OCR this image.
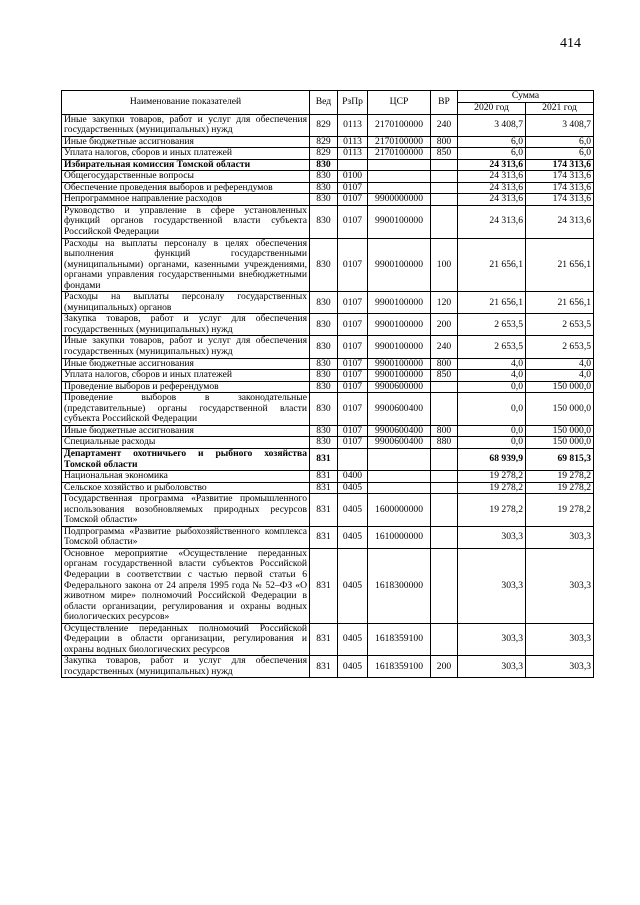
414
Наименование показателей	Вед	РзПр	ЦСР	ВР	Сумма	
					2020 год	2021 год
Иные закупки товаров, работ и услуг для обеспечения государственных (муниципальных) нужд	829	0113	2170100000	240	3 408,7	3 408,7
Иные бюджетные ассигнования	829	0113	2170100000	800	6,0	6,0
Уплата налогов, сборов и иных платежей	829	0113	2170100000	850	6,0	6,0
Избирательная комиссия Томской области	830				24 313,6	174 313,6
Общегосударственные вопросы	830	0100			24 313,6	174 313,6
Обеспечение проведения выборов и референдумов	830	0107			24 313,6	174 313,6
Непрограммное направление расходов	830	0107	9900000000		24 313,6	174 313,6
Руководство и управление в сфере установленных функций органов государственной власти субъекта Российской Федерации	830	0107	9900100000		24 313,6	24 313,6
Расходы на выплаты персоналу в целях обеспечения выполнения функций государственными (муниципальными) органами, казенными учреждениями, органами управления государственными внебюджетными фондами	830	0107	9900100000	100	21 656,1	21 656,1
Расходы на выплаты персоналу государственных (муниципальных) органов	830	0107	9900100000	120	21 656,1	21 656,1
Закупка товаров, работ и услуг для обеспечения государственных (муниципальных) нужд	830	0107	9900100000	200	2 653,5	2 653,5
Иные закупки товаров, работ и услуг для обеспечения государственных (муниципальных) нужд	830	0107	9900100000	240	2 653,5	2 653,5
Иные бюджетные ассигнования	830	0107	9900100000	800	4,0	4,0
Уплата налогов, сборов и иных платежей	830	0107	9900100000	850	4,0	4,0
Проведение выборов и референдумов	830	0107	9900600000		0,0	150 000,0
Проведение выборов в законодательные (представительные) органы государственной власти субъекта Российской Федерации	830	0107	9900600400		0,0	150 000,0
Иные бюджетные ассигнования	830	0107	9900600400	800	0,0	150 000,0
Специальные расходы	830	0107	9900600400	880	0,0	150 000,0
Департамент охотничьего и рыбного хозяйства Томской области	831				68 939,9	69 815,3
Национальная экономика	831	0400			19 278,2	19 278,2
Сельское хозяйство и рыболовство	831	0405			19 278,2	19 278,2
Государственная программа «Развитие промышленного использования возобновляемых природных ресурсов Томской области»	831	0405	1600000000		19 278,2	19 278,2
Подпрограмма «Развитие рыбохозяйственного комплекса Томской области»	831	0405	1610000000		303,3	303,3
Основное мероприятие «Осуществление переданных органам государственной власти субъектов Российской Федерации в соответствии с частью первой статьи 6 Федерального закона от 24 апреля 1995 года № 52–ФЗ «О животном мире» полномочий Российской Федерации в области организации, регулирования и охраны водных биологических ресурсов»	831	0405	1618300000		303,3	303,3
Осуществление переданных полномочий Российской Федерации в области организации, регулирования и охраны водных биологических ресурсов	831	0405	1618359100		303,3	303,3
Закупка товаров, работ и услуг для обеспечения государственных (муниципальных) нужд	831	0405	1618359100	200	303,3	303,3
